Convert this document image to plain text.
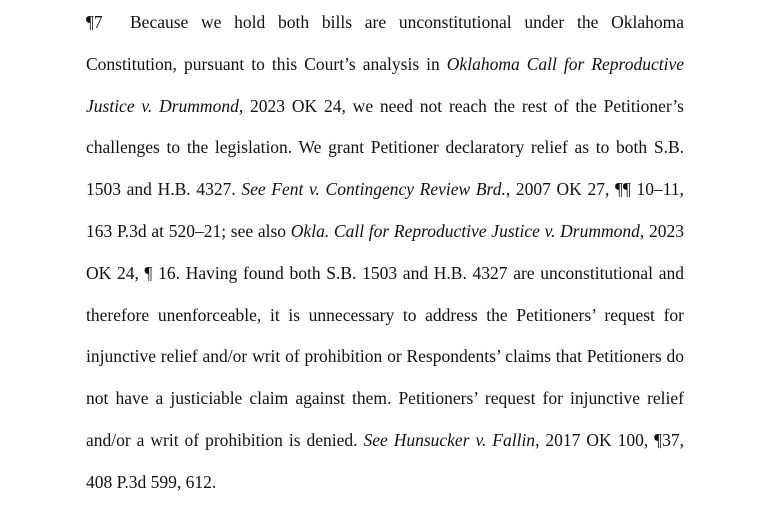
¶7 Because we hold both bills are unconstitutional under the Oklahoma
Constitution, pursuant to this Court’s analysis in Oklahoma Call for Reproductive
Justice v. Drummond, 2023 OK 24, we need not reach the rest of the Petitioner’s
challenges to the legislation. We grant Petitioner declaratory relief as to both S.B.
1503 and H.B. 4327. See Fent v. Contingency Review Brd., 2007 OK 27, ¶¶ 10–11,
163 P.3d at 520–21; see also Okla. Call for Reproductive Justice v. Drummond, 2023
OK 24, ¶ 16. Having found both S.B. 1503 and H.B. 4327 are unconstitutional and
therefore unenforceable, it is unnecessary to address the Petitioners’ request for
injunctive relief and/or writ of prohibition or Respondents’ claims that Petitioners do
not have a justiciable claim against them. Petitioners’ request for injunctive relief
and/or a writ of prohibition is denied. See Hunsucker v. Fallin, 2017 OK 100, ¶37,
408 P.3d 599, 612.
